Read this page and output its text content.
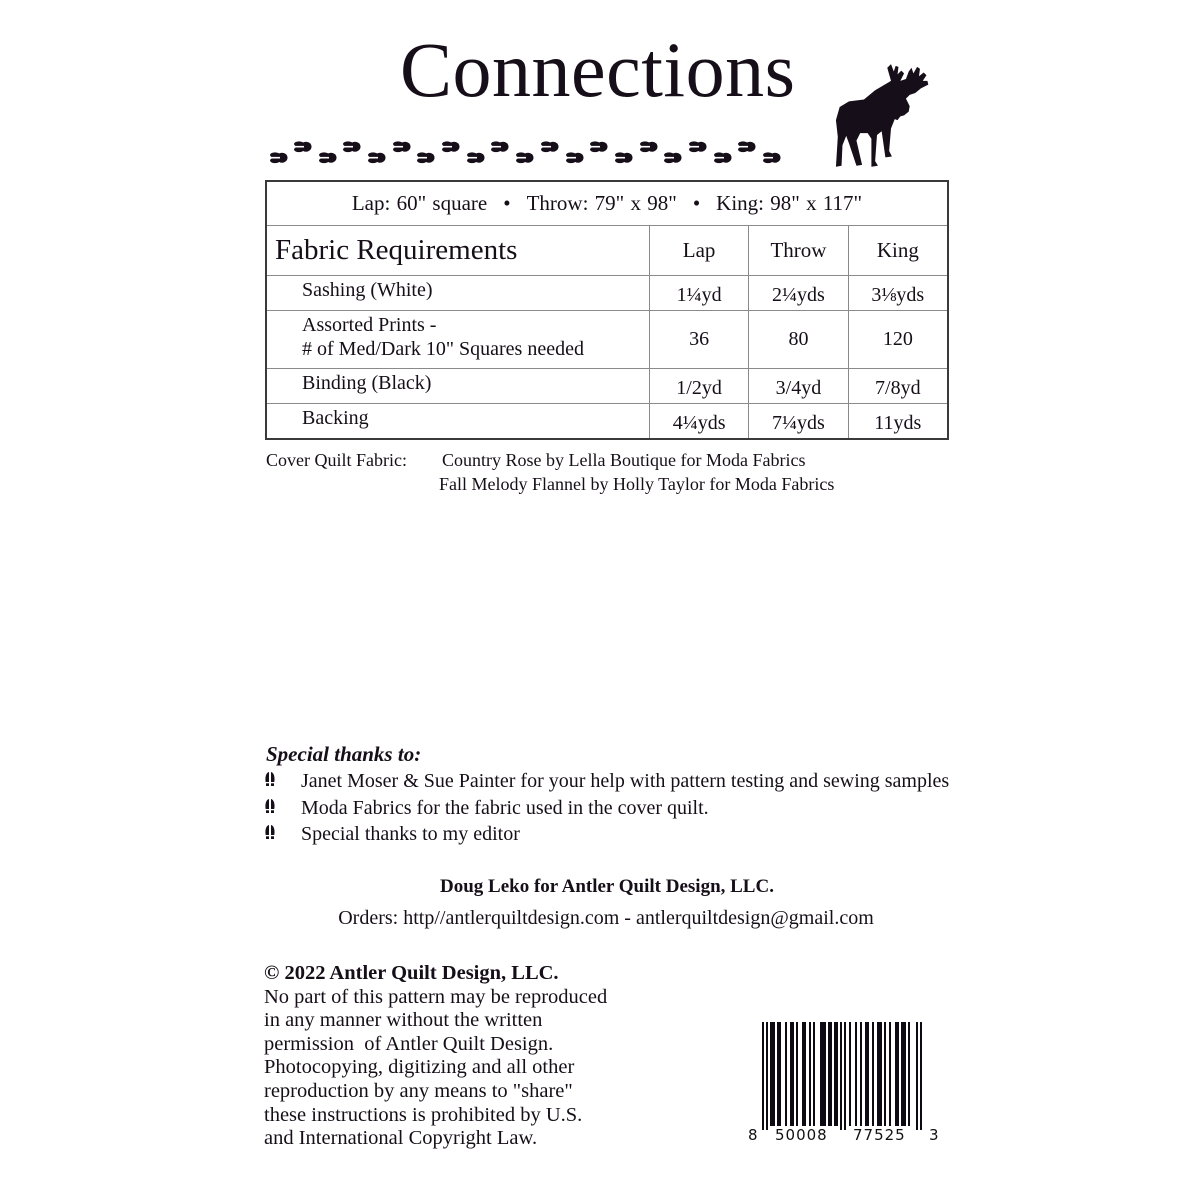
Connections
Lap: 60" square • Throw: 79" x 98" • King: 98" x 117"
Fabric Requirements	Lap	Throw	King
Sashing (White)	1¼yd	2¼yds	3⅛yds

Assorted Prints -
# of Med/Dark 10" Squares needed	36	80	120
Binding (Black)	1/2yd	3/4yd	7/8yd
Backing	4¼yds	7¼yds	11yds
Cover Quilt Fabric: Country Rose by Lella Boutique for Moda Fabrics
Fall Melody Flannel by Holly Taylor for Moda Fabrics
Special thanks to:
Janet Moser & Sue Painter for your help with pattern testing and sewing samples
Moda Fabrics for the fabric used in the cover quilt.
Special thanks to my editor
Doug Leko for Antler Quilt Design, LLC.
Orders: http//antlerquiltdesign.com - antlerquiltdesign@gmail.com
© 2022 Antler Quilt Design, LLC.
No part of this pattern may be reproduced
in any manner without the written
permission  of Antler Quilt Design.
Photocopying, digitizing and all other
reproduction by any means to "share"
these instructions is prohibited by U.S.
and International Copyright Law.	8 50008 77525 3
